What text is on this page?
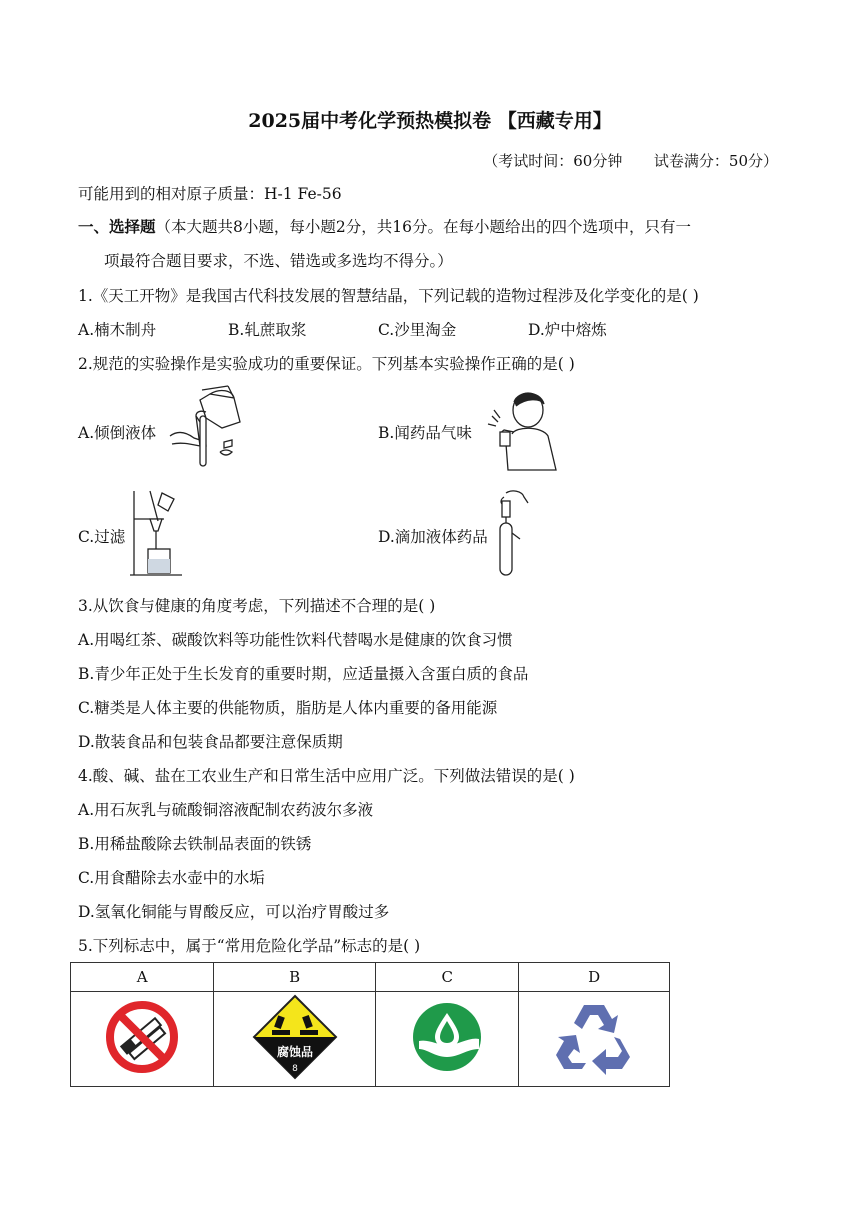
2025届中考化学预热模拟卷 【西藏专用】
（考试时间：60分钟 试卷满分：50分）
可能用到的相对原子质量：H-1 Fe-56
一、选择题（本大题共8小题，每小题2分，共16分。在每小题给出的四个选项中，只有一
项最符合题目要求，不选、错选或多选均不得分。）
1.《天工开物》是我国古代科技发展的智慧结晶，下列记载的造物过程涉及化学变化的是( )
A.楠木制舟	B.轧蔗取浆	C.沙里淘金	D.炉中熔炼
2.规范的实验操作是实验成功的重要保证。下列基本实验操作正确的是( )
A.倾倒液体	B.闻药品气味
C.过滤	D.滴加液体药品
3.从饮食与健康的角度考虑，下列描述不合理的是( )
A.用喝红茶、碳酸饮料等功能性饮料代替喝水是健康的饮食习惯
B.青少年正处于生长发育的重要时期，应适量摄入含蛋白质的食品
C.糖类是人体主要的供能物质，脂肪是人体内重要的备用能源
D.散装食品和包装食品都要注意保质期
4.酸、碱、盐在工农业生产和日常生活中应用广泛。下列做法错误的是( )
A.用石灰乳与硫酸铜溶液配制农药波尔多液
B.用稀盐酸除去铁制品表面的铁锈
C.用食醋除去水壶中的水垢
D.氢氧化铜能与胃酸反应，可以治疗胃酸过多
5.下列标志中，属于“常用危险化学品”标志的是( )
A	B	C	D

腐蚀品
8
